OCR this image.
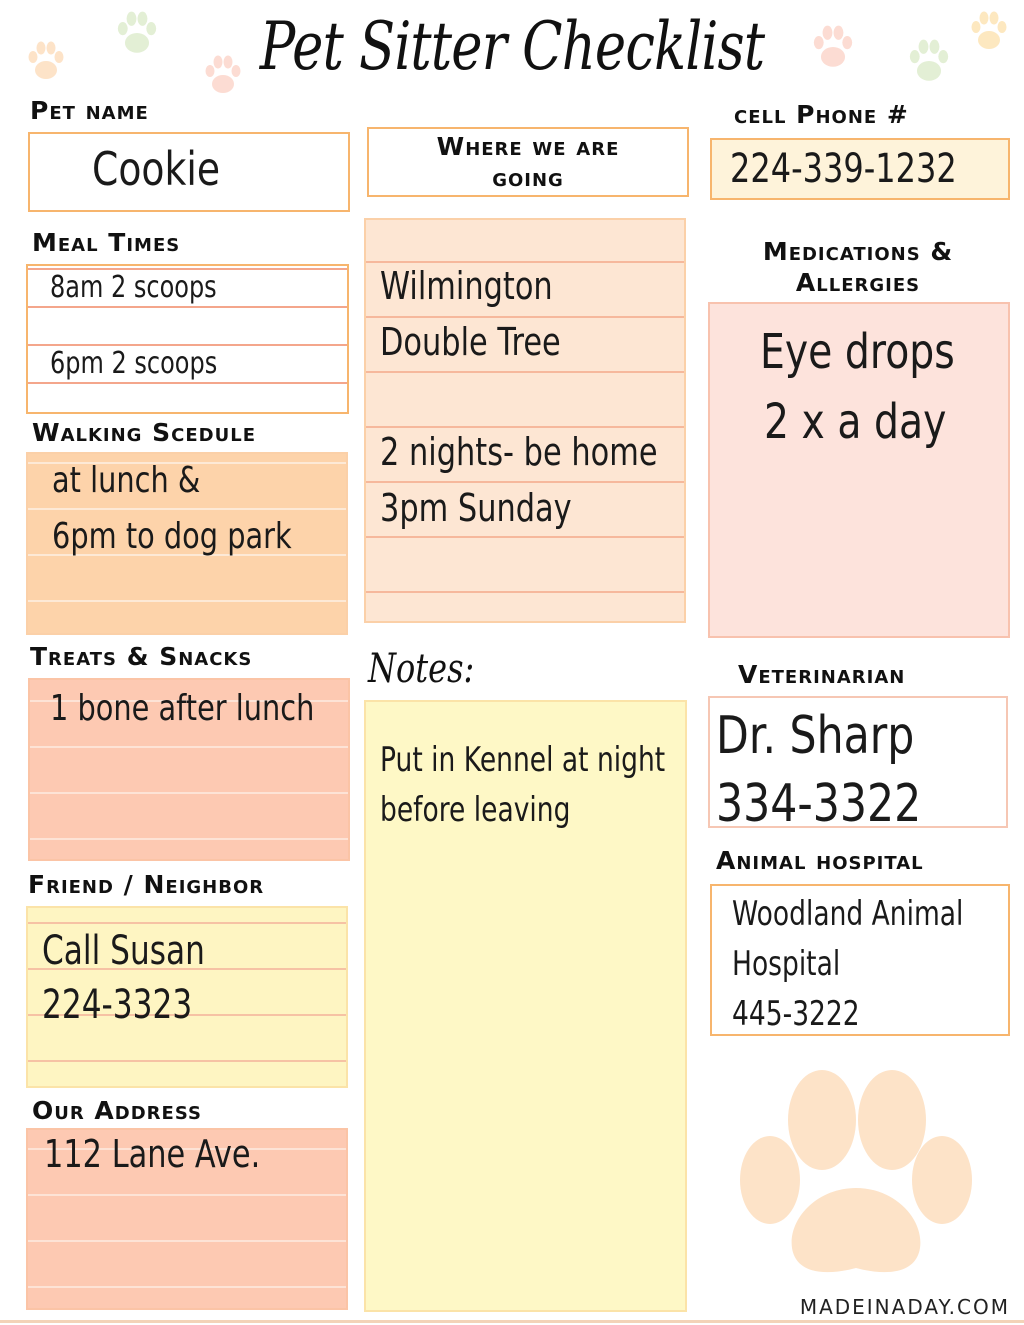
Pet Sitter Checklist
Pet name
Cookie
Meal Times
8am 2 scoops
6pm 2 scoops
Walking Scedule
at lunch &
6pm to dog park
Treats & Snacks
1 bone after lunch
Friend / Neighbor
Call Susan
224-3323
Our Address
112 Lane Ave.
Where we are
going
Wilmington
Double Tree
2 nights- be home
3pm Sunday
Notes:
Put in Kennel at night
before leaving
cell Phone #
224-339-1232
Medications &
Allergies
Eye drops
2 x a day
Veterinarian
Dr. Sharp
334-3322
Animal hospital
Woodland Animal
Hospital
445-3222
MADEINADAY.COM
